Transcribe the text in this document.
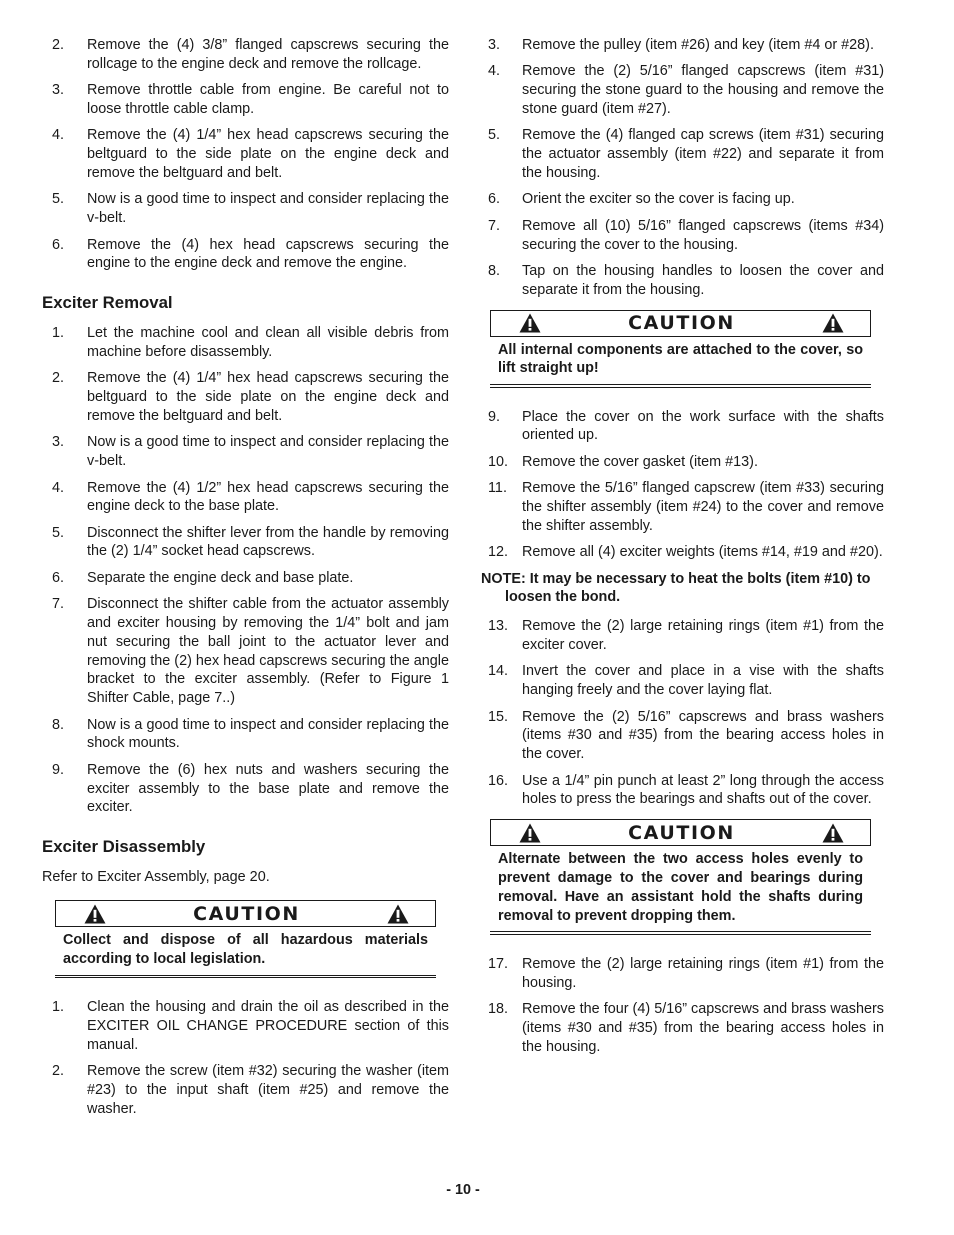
2.	Remove the (4) 3/8” flanged capscrews securing the rollcage to the engine deck and remove the rollcage.
3.	Remove throttle cable from engine. Be careful not to loose throttle cable clamp.
4.	Remove the (4) 1/4” hex head capscrews securing the beltguard to the side plate on the engine deck and remove the beltguard and belt.
5.	Now is a good time to inspect and consider replacing the v-belt.
6.	Remove the (4) hex head capscrews securing the engine to the engine deck and remove the engine.
Exciter Removal
1.	Let the machine cool and clean all visible debris from machine before disassembly.
2.	Remove the (4) 1/4” hex head capscrews securing the beltguard to the side plate on the engine deck and remove the beltguard and belt.
3.	Now is a good time to inspect and consider replacing the v-belt.
4.	Remove the (4) 1/2” hex head capscrews securing the engine deck to the base plate.
5.	Disconnect the shifter lever from the handle by removing the (2) 1/4” socket head capscrews.
6.	Separate the engine deck and base plate.
7.	Disconnect the shifter cable from the actuator assembly and exciter housing by removing the 1/4” bolt and jam nut securing the ball joint to the actuator lever and removing the (2) hex head capscrews securing the angle bracket to the exciter assembly. (Refer to Figure 1 Shifter Cable, page 7..)
8.	Now is a good time to inspect and consider replacing the shock mounts.
9.	Remove the (6) hex nuts and washers securing the exciter assembly to the base plate and remove the exciter.
Exciter Disassembly

Refer to Exciter Assembly, page 20.

CAUTION
Collect and dispose of all hazardous materials according to local legislation.
1.	Clean the housing and drain the oil as described in the EXCITER OIL CHANGE PROCEDURE section of this manual.
2.	Remove the screw (item #32) securing the washer (item #23) to the input shaft (item #25) and remove the washer.
3.	Remove the pulley (item #26) and key (item #4 or #28).
4.	Remove the (2) 5/16” flanged capscrews (item #31) securing the stone guard to the housing and remove the stone guard (item #27).
5.	Remove the (4) flanged cap screws (item #31) securing the actuator assembly (item #22) and separate it from the housing.
6.	Orient the exciter so the cover is facing up.
7.	Remove all (10) 5/16” flanged capscrews (items #34) securing the cover to the housing.
8.	Tap on the housing handles to loosen the cover and separate it from the housing.
CAUTION
All internal components are attached to the cover, so lift straight up!
9.	Place the cover on the work surface with the shafts oriented up.
10. Remove the cover gasket (item #13).
11.	Remove the 5/16” flanged capscrew (item #33) securing the shifter assembly (item #24) to the cover and remove the shifter assembly.
12. Remove all (4) exciter weights (items #14, #19 and #20).
NOTE: It may be necessary to heat the bolts (item #10) to loosen the bond.
13. Remove the (2) large retaining rings (item #1) from the exciter cover.
14. Invert the cover and place in a vise with the shafts hanging freely and the cover laying flat.
15. Remove the (2) 5/16” capscrews and brass washers (items #30 and #35) from the bearing access holes in the cover.
16. Use a 1/4” pin punch at least 2” long through the access holes to press the bearings and shafts out of the cover.
CAUTION
Alternate between the two access holes evenly to prevent damage to the cover and bearings during removal. Have an assistant hold the shafts during removal to prevent dropping them.
17. Remove the (2) large retaining rings (item #1) from the housing.
18. Remove the four (4) 5/16” capscrews and brass washers (items #30 and #35) from the bearing access holes in the housing.
- 10 -
